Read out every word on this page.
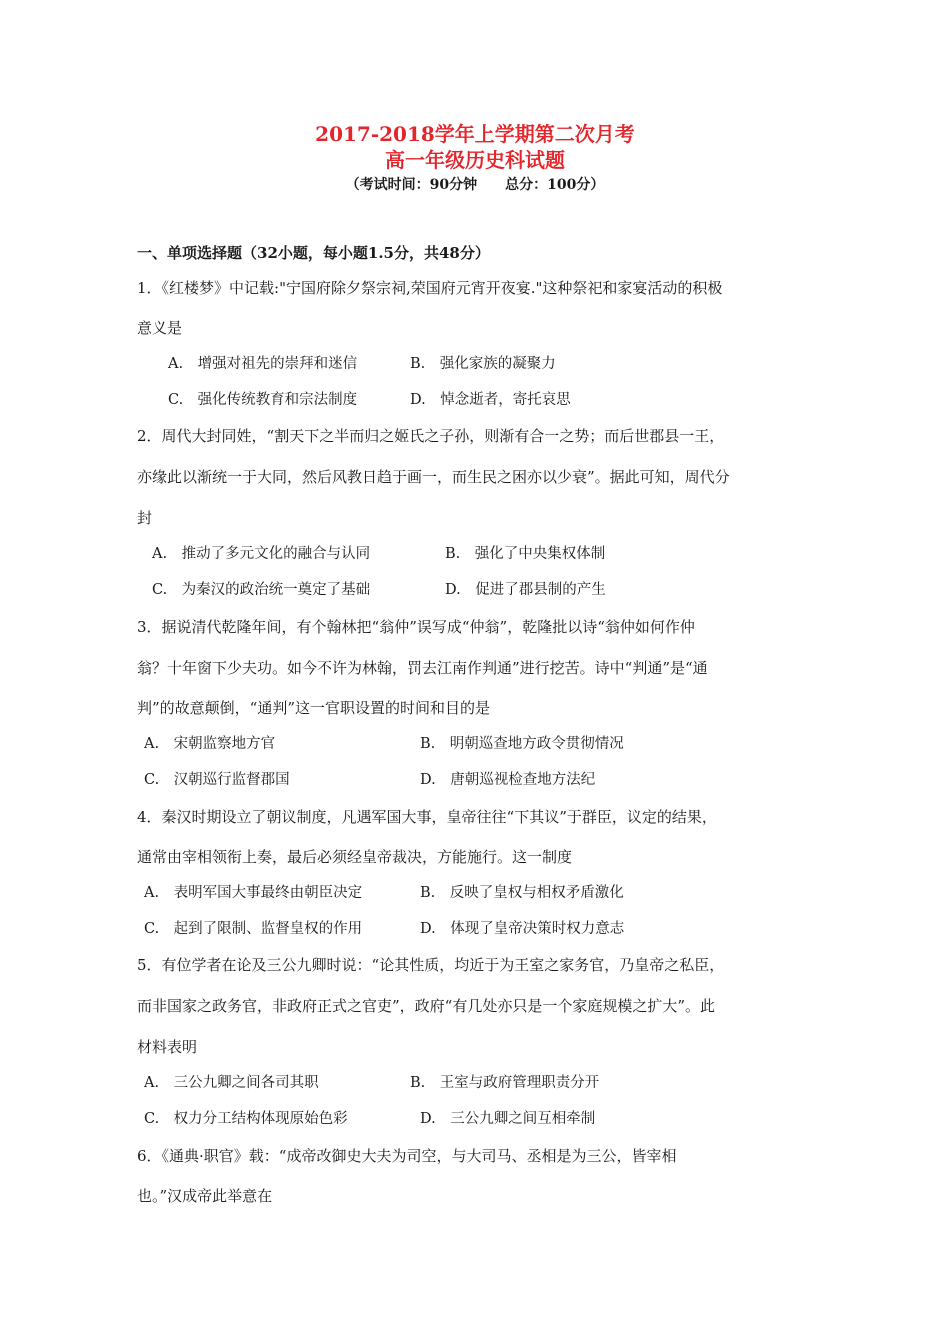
2017-2018学年上学期第二次月考
高一年级历史科试题
（考试时间：90分钟　　总分：100分）
一、单项选择题（32小题，每小题1.5分，共48分）
1．《红楼梦》中记载:"宁国府除夕祭宗祠,荣国府元宵开夜宴."这种祭祀和家宴活动的积极
意义是
A.　增强对祖先的崇拜和迷信	B.　强化家族的凝聚力
C.　强化传统教育和宗法制度	D.　悼念逝者，寄托哀思
2．周代大封同姓，“割天下之半而归之姬氏之子孙，则渐有合一之势；而后世郡县一王，
亦缘此以渐统一于大同，然后风教日趋于画一，而生民之困亦以少衰”。据此可知，周代分
封
A.　推动了多元文化的融合与认同	B.　强化了中央集权体制
C.　为秦汉的政治统一奠定了基础	D.　促进了郡县制的产生
3．据说清代乾隆年间，有个翰林把“翁仲”误写成“仲翁”，乾隆批以诗“翁仲如何作仲
翁？十年窗下少夫功。如今不许为林翰，罚去江南作判通”进行挖苦。诗中“判通”是“通
判”的故意颠倒，“通判”这一官职设置的时间和目的是
A.　宋朝监察地方官	B.　明朝巡查地方政令贯彻情况
C.　汉朝巡行监督郡国	D.　唐朝巡视检查地方法纪
4．秦汉时期设立了朝议制度，凡遇军国大事，皇帝往往“下其议”于群臣，议定的结果，
通常由宰相领衔上奏，最后必须经皇帝裁决，方能施行。这一制度
A.　表明军国大事最终由朝臣决定	B.　反映了皇权与相权矛盾激化
C.　起到了限制、监督皇权的作用	D.　体现了皇帝决策时权力意志
5．有位学者在论及三公九卿时说：“论其性质，均近于为王室之家务官，乃皇帝之私臣，
而非国家之政务官，非政府正式之官吏”，政府“有几处亦只是一个家庭规模之扩大”。此
材料表明
A.　三公九卿之间各司其职	B.　王室与政府管理职责分开
C.　权力分工结构体现原始色彩	D.　三公九卿之间互相牵制
6．《通典·职官》载：“成帝改御史大夫为司空，与大司马、丞相是为三公，皆宰相
也。”汉成帝此举意在
